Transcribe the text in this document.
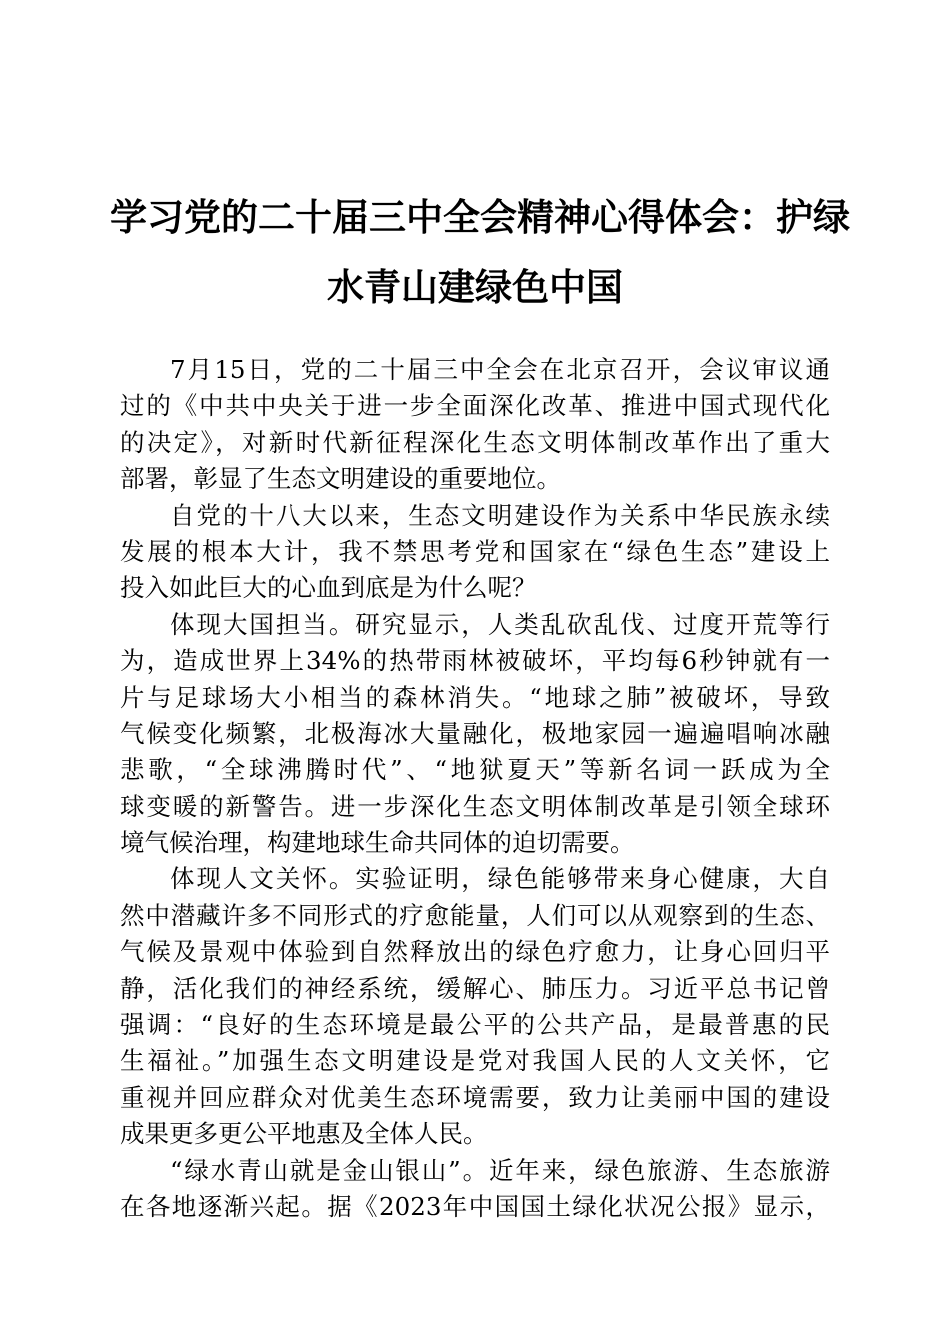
学习党的二十届三中全会精神心得体会：护绿
水青山建绿色中国
7月15日，党的二十届三中全会在北京召开，会议审议通
过的《中共中央关于进一步全面深化改革、推进中国式现代化
的决定》，对新时代新征程深化生态文明体制改革作出了重大
部署，彰显了生态文明建设的重要地位。
自党的十八大以来，生态文明建设作为关系中华民族永续
发展的根本大计，我不禁思考党和国家在“绿色生态”建设上
投入如此巨大的心血到底是为什么呢？
体现大国担当。研究显示，人类乱砍乱伐、过度开荒等行
为，造成世界上34%的热带雨林被破坏，平均每6秒钟就有一
片与足球场大小相当的森林消失。“地球之肺”被破坏，导致
气候变化频繁，北极海冰大量融化，极地家园一遍遍唱响冰融
悲歌，“全球沸腾时代”、“地狱夏天”等新名词一跃成为全
球变暖的新警告。进一步深化生态文明体制改革是引领全球环
境气候治理，构建地球生命共同体的迫切需要。
体现人文关怀。实验证明，绿色能够带来身心健康，大自
然中潜藏许多不同形式的疗愈能量，人们可以从观察到的生态、
气候及景观中体验到自然释放出的绿色疗愈力，让身心回归平
静，活化我们的神经系统，缓解心、肺压力。习近平总书记曾
强调：“良好的生态环境是最公平的公共产品，是最普惠的民
生福祉。”加强生态文明建设是党对我国人民的人文关怀，它
重视并回应群众对优美生态环境需要，致力让美丽中国的建设
成果更多更公平地惠及全体人民。
“绿水青山就是金山银山”。近年来，绿色旅游、生态旅游
在各地逐渐兴起。据《2023年中国国土绿化状况公报》显示，
